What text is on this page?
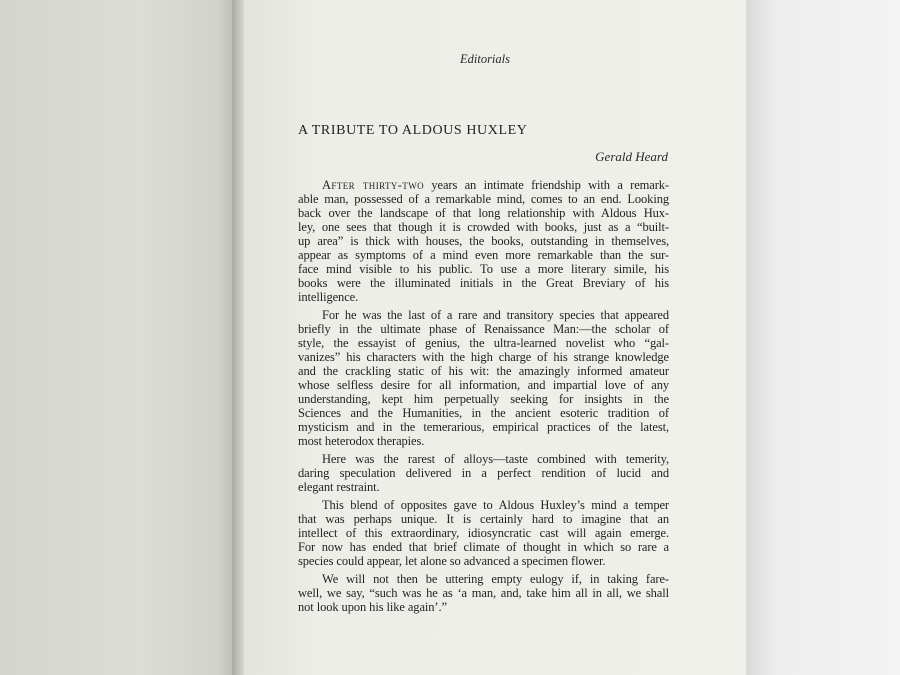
Editorials
A TRIBUTE TO ALDOUS HUXLEY
Gerald Heard
After thirty-two years an intimate friendship with a remark-
able man, possessed of a remarkable mind, comes to an end. Looking
back over the landscape of that long relationship with Aldous Hux-
ley, one sees that though it is crowded with books, just as a “built-
up area” is thick with houses, the books, outstanding in themselves,
appear as symptoms of a mind even more remarkable than the sur-
face mind visible to his public. To use a more literary simile, his
books were the illuminated initials in the Great Breviary of his
intelligence.
For he was the last of a rare and transitory species that appeared
briefly in the ultimate phase of Renaissance Man:—the scholar of
style, the essayist of genius, the ultra-learned novelist who “gal-
vanizes” his characters with the high charge of his strange knowledge
and the crackling static of his wit: the amazingly informed amateur
whose selfless desire for all information, and impartial love of any
understanding, kept him perpetually seeking for insights in the
Sciences and the Humanities, in the ancient esoteric tradition of
mysticism and in the temerarious, empirical practices of the latest,
most heterodox therapies.
Here was the rarest of alloys—taste combined with temerity,
daring speculation delivered in a perfect rendition of lucid and
elegant restraint.
This blend of opposites gave to Aldous Huxley’s mind a temper
that was perhaps unique. It is certainly hard to imagine that an
intellect of this extraordinary, idiosyncratic cast will again emerge.
For now has ended that brief climate of thought in which so rare a
species could appear, let alone so advanced a specimen flower.
We will not then be uttering empty eulogy if, in taking fare-
well, we say, “such was he as ‘a man, and, take him all in all, we shall
not look upon his like again’.”
